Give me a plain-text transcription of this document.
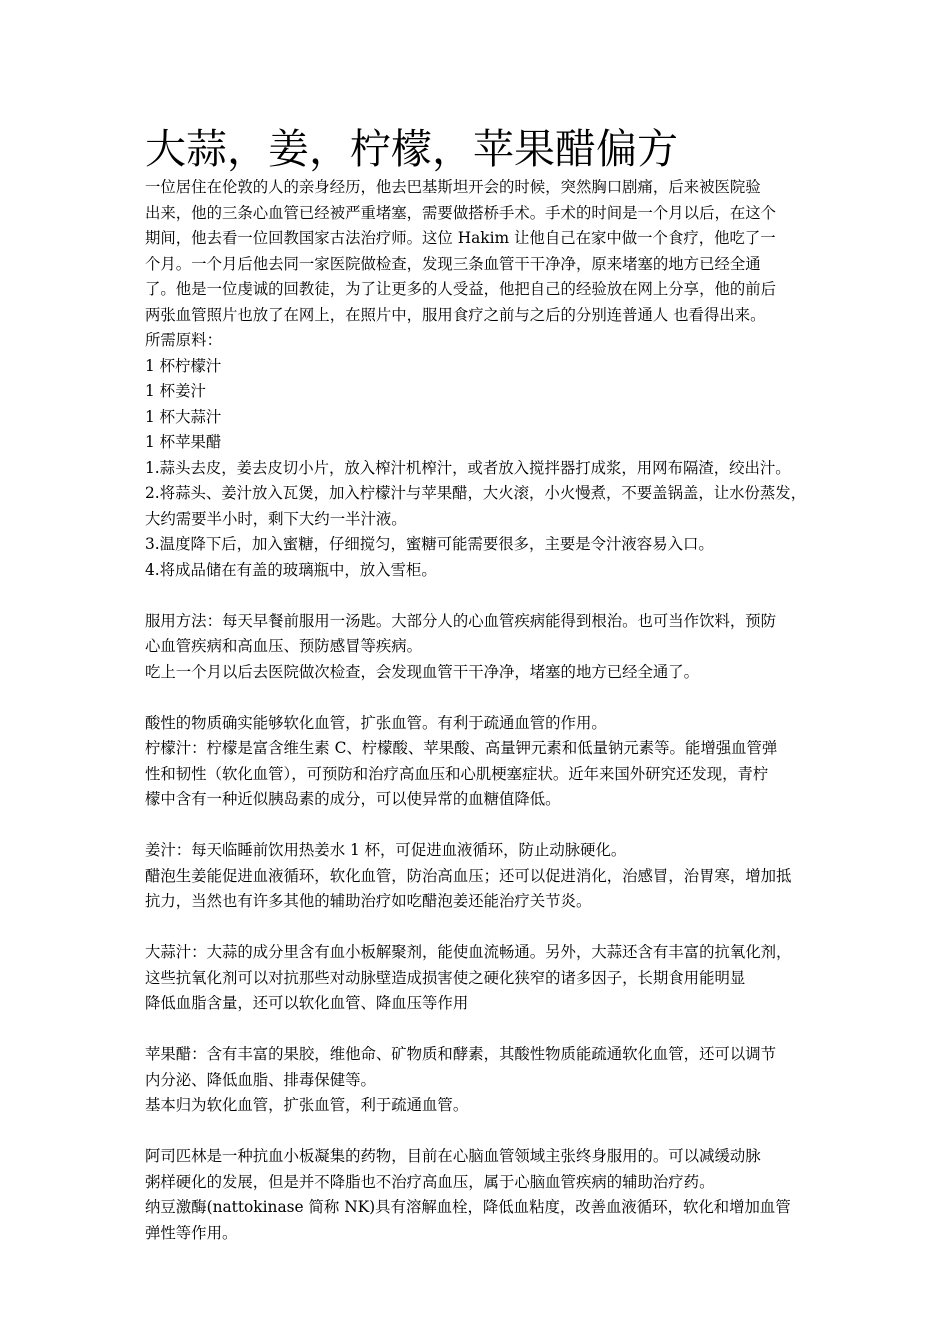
大蒜，姜，柠檬，苹果醋偏方
一位居住在伦敦的人的亲身经历，他去巴基斯坦开会的时候，突然胸口剧痛，后来被医院验
出来，他的三条心血管已经被严重堵塞，需要做搭桥手术。手术的时间是一个月以后，在这个
期间，他去看一位回教国家古法治疗师。这位 Hakim 让他自己在家中做一个食疗，他吃了一
个月。一个月后他去同一家医院做检查，发现三条血管干干净净，原来堵塞的地方已经全通
了。他是一位虔诚的回教徒，为了让更多的人受益，他把自己的经验放在网上分享，他的前后
两张血管照片也放了在网上，在照片中，服用食疗之前与之后的分别连普通人 也看得出来。
所需原料：
1 杯柠檬汁
1 杯姜汁
1 杯大蒜汁
1 杯苹果醋
1.蒜头去皮，姜去皮切小片，放入榨汁机榨汁，或者放入搅拌器打成浆，用网布隔渣，绞出汁。
2.将蒜头、姜汁放入瓦煲，加入柠檬汁与苹果醋，大火滚，小火慢煮，不要盖锅盖，让水份蒸发，
大约需要半小时，剩下大约一半汁液。
3.温度降下后，加入蜜糖，仔细搅匀，蜜糖可能需要很多，主要是令汁液容易入口。
4.将成品储在有盖的玻璃瓶中，放入雪柜。
服用方法：每天早餐前服用一汤匙。大部分人的心血管疾病能得到根治。也可当作饮料，预防
心血管疾病和高血压、预防感冒等疾病。
吃上一个月以后去医院做次检查，会发现血管干干净净，堵塞的地方已经全通了。
酸性的物质确实能够软化血管，扩张血管。有利于疏通血管的作用。
柠檬汁：柠檬是富含维生素 C、柠檬酸、苹果酸、高量钾元素和低量钠元素等。能增强血管弹
性和韧性（软化血管），可预防和治疗高血压和心肌梗塞症状。近年来国外研究还发现，青柠
檬中含有一种近似胰岛素的成分，可以使异常的血糖值降低。
姜汁：每天临睡前饮用热姜水 1 杯，可促进血液循环，防止动脉硬化。
醋泡生姜能促进血液循环，软化血管，防治高血压；还可以促进消化，治感冒，治胃寒，增加抵
抗力，当然也有许多其他的辅助治疗如吃醋泡姜还能治疗关节炎。
大蒜汁：大蒜的成分里含有血小板解聚剂，能使血流畅通。另外，大蒜还含有丰富的抗氧化剂，
这些抗氧化剂可以对抗那些对动脉壁造成损害使之硬化狭窄的诸多因子，长期食用能明显
降低血脂含量，还可以软化血管、降血压等作用
苹果醋：含有丰富的果胶，维他命、矿物质和酵素，其酸性物质能疏通软化血管，还可以调节
内分泌、降低血脂、排毒保健等。
基本归为软化血管，扩张血管，利于疏通血管。
阿司匹林是一种抗血小板凝集的药物，目前在心脑血管领域主张终身服用的。可以减缓动脉
粥样硬化的发展，但是并不降脂也不治疗高血压，属于心脑血管疾病的辅助治疗药。
纳豆激酶(nattokinase 简称 NK)具有溶解血栓，降低血粘度，改善血液循环，软化和增加血管
弹性等作用。
